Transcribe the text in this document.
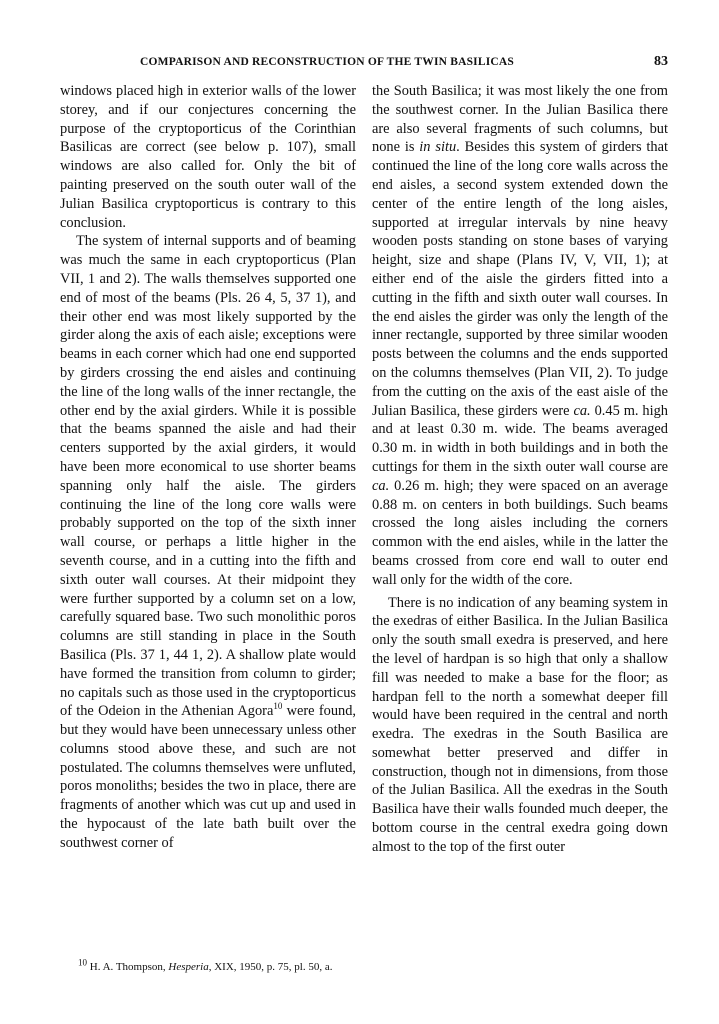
COMPARISON AND RECONSTRUCTION OF THE TWIN BASILICAS	83

windows placed high in exterior walls of the lower storey, and if our conjectures concerning the purpose of the cryptoporticus of the Corinthian Basilicas are correct (see below p. 107), small windows are also called for. Only the bit of painting preserved on the south outer wall of the Julian Basilica cryptoporticus is contrary to this conclusion.

The system of internal supports and of beaming was much the same in each cryptoporticus (Plan VII, 1 and 2). The walls themselves supported one end of most of the beams (Pls. 26 4, 5, 37 1), and their other end was most likely supported by the girder along the axis of each aisle; exceptions were beams in each corner which had one end supported by girders crossing the end aisles and continuing the line of the long walls of the inner rectangle, the other end by the axial girders. While it is possible that the beams spanned the aisle and had their centers supported by the axial girders, it would have been more economical to use shorter beams spanning only half the aisle. The girders continuing the line of the long core walls were probably supported on the top of the sixth inner wall course, or perhaps a little higher in the seventh course, and in a cutting into the fifth and sixth outer wall courses. At their midpoint they were further supported by a column set on a low, carefully squared base. Two such monolithic poros columns are still standing in place in the South Basilica (Pls. 37 1, 44 1, 2). A shallow plate would have formed the transition from column to girder; no capitals such as those used in the cryptoporticus of the Odeion in the Athenian Agora$^{10}$ were found, but they would have been unnecessary unless other columns stood above these, and such are not postulated. The columns themselves were unfluted, poros monoliths; besides the two in place, there are fragments of another which was cut up and used in the hypocaust of the late bath built over the southwest corner of

the South Basilica; it was most likely the one from the southwest corner. In the Julian Basilica there are also several fragments of such columns, but none is in situ. Besides this system of girders that continued the line of the long core walls across the end aisles, a second system extended down the center of the entire length of the long aisles, supported at irregular intervals by nine heavy wooden posts standing on stone bases of varying height, size and shape (Plans IV, V, VII, 1); at either end of the aisle the girders fitted into a cutting in the fifth and sixth outer wall courses. In the end aisles the girder was only the length of the inner rectangle, supported by three similar wooden posts between the columns and the ends supported on the columns themselves (Plan VII, 2). To judge from the cutting on the axis of the east aisle of the Julian Basilica, these girders were ca. 0.45 m. high and at least 0.30 m. wide. The beams averaged 0.30 m. in width in both buildings and in both the cuttings for them in the sixth outer wall course are ca. 0.26 m. high; they were spaced on an average 0.88 m. on centers in both buildings. Such beams crossed the long aisles including the corners common with the end aisles, while in the latter the beams crossed from core end wall to outer end wall only for the width of the core.

There is no indication of any beaming system in the exedras of either Basilica. In the Julian Basilica only the south small exedra is preserved, and here the level of hardpan is so high that only a shallow fill was needed to make a base for the floor; as hardpan fell to the north a somewhat deeper fill would have been required in the central and north exedra. The exedras in the South Basilica are somewhat better preserved and differ in construction, though not in dimensions, from those of the Julian Basilica. All the exedras in the South Basilica have their walls founded much deeper, the bottom course in the central exedra going down almost to the top of the first outer

$^{10}$ H. A. Thompson, Hesperia, XIX, 1950, p. 75, pl. 50, a.
